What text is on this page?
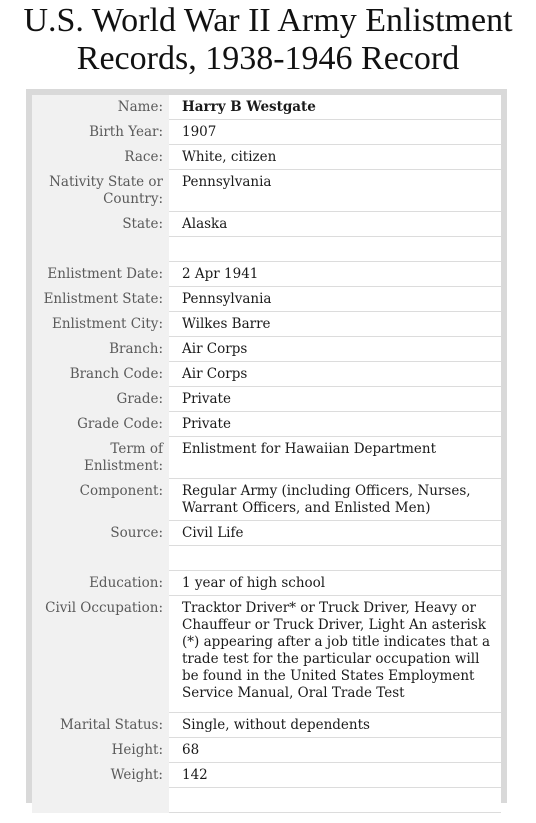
U.S. World War II Army Enlistment
Records, 1938-1946 Record
Name:	Harry B Westgate
Birth Year:	1907
Race:	White, citizen
Nativity State or Country:
Pennsylvania
State:	Alaska
Enlistment Date:	2 Apr 1941
Enlistment State:	Pennsylvania
Enlistment City:	Wilkes Barre
Branch:	Air Corps
Branch Code:	Air Corps
Grade:	Private
Grade Code:	Private
Term of Enlistment:
Enlistment for Hawaiian Department
Component:	Regular Army (including Officers, Nurses, Warrant Officers, and Enlisted Men)
Source:	Civil Life
Education:	1 year of high school
Civil Occupation:	Tracktor Driver* or Truck Driver, Heavy or Chauffeur or Truck Driver, Light An asterisk (*) appearing after a job title indicates that a trade test for the particular occupation will be found in the United States Employment Service Manual, Oral Trade Test
Marital Status:	Single, without dependents
Height:	68
Weight:	142
